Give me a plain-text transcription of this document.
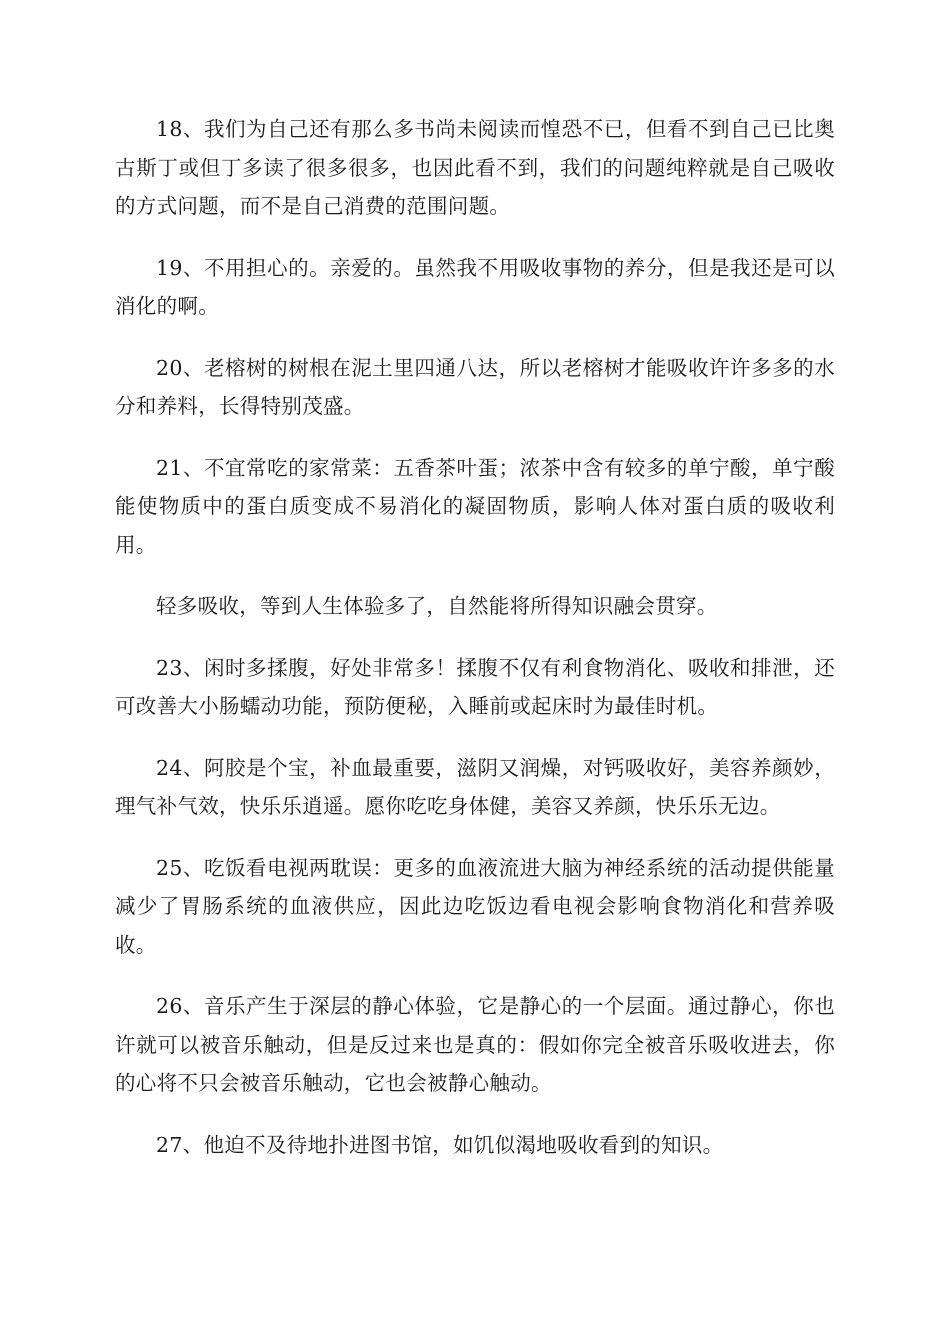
18、我们为自己还有那么多书尚未阅读而惶恐不已，但看不到自己已比奥古斯丁或但丁多读了很多很多，也因此看不到，我们的问题纯粹就是自己吸收的方式问题，而不是自己消费的范围问题。

19、不用担心的。亲爱的。虽然我不用吸收事物的养分，但是我还是可以消化的啊。

20、老榕树的树根在泥土里四通八达，所以老榕树才能吸收许许多多的水分和养料，长得特别茂盛。

21、不宜常吃的家常菜：五香茶叶蛋；浓茶中含有较多的单宁酸，单宁酸能使物质中的蛋白质变成不易消化的凝固物质，影响人体对蛋白质的吸收利用。

轻多吸收，等到人生体验多了，自然能将所得知识融会贯穿。

23、闲时多揉腹，好处非常多！揉腹不仅有利食物消化、吸收和排泄，还可改善大小肠蠕动功能，预防便秘，入睡前或起床时为最佳时机。

24、阿胶是个宝，补血最重要，滋阴又润燥，对钙吸收好，美容养颜妙，理气补气效，快乐乐逍遥。愿你吃吃身体健，美容又养颜，快乐乐无边。

25、吃饭看电视两耽误：更多的血液流进大脑为神经系统的活动提供能量减少了胃肠系统的血液供应，因此边吃饭边看电视会影响食物消化和营养吸收。

26、音乐产生于深层的静心体验，它是静心的一个层面。通过静心，你也许就可以被音乐触动，但是反过来也是真的：假如你完全被音乐吸收进去，你的心将不只会被音乐触动，它也会被静心触动。

27、他迫不及待地扑进图书馆，如饥似渴地吸收看到的知识。
